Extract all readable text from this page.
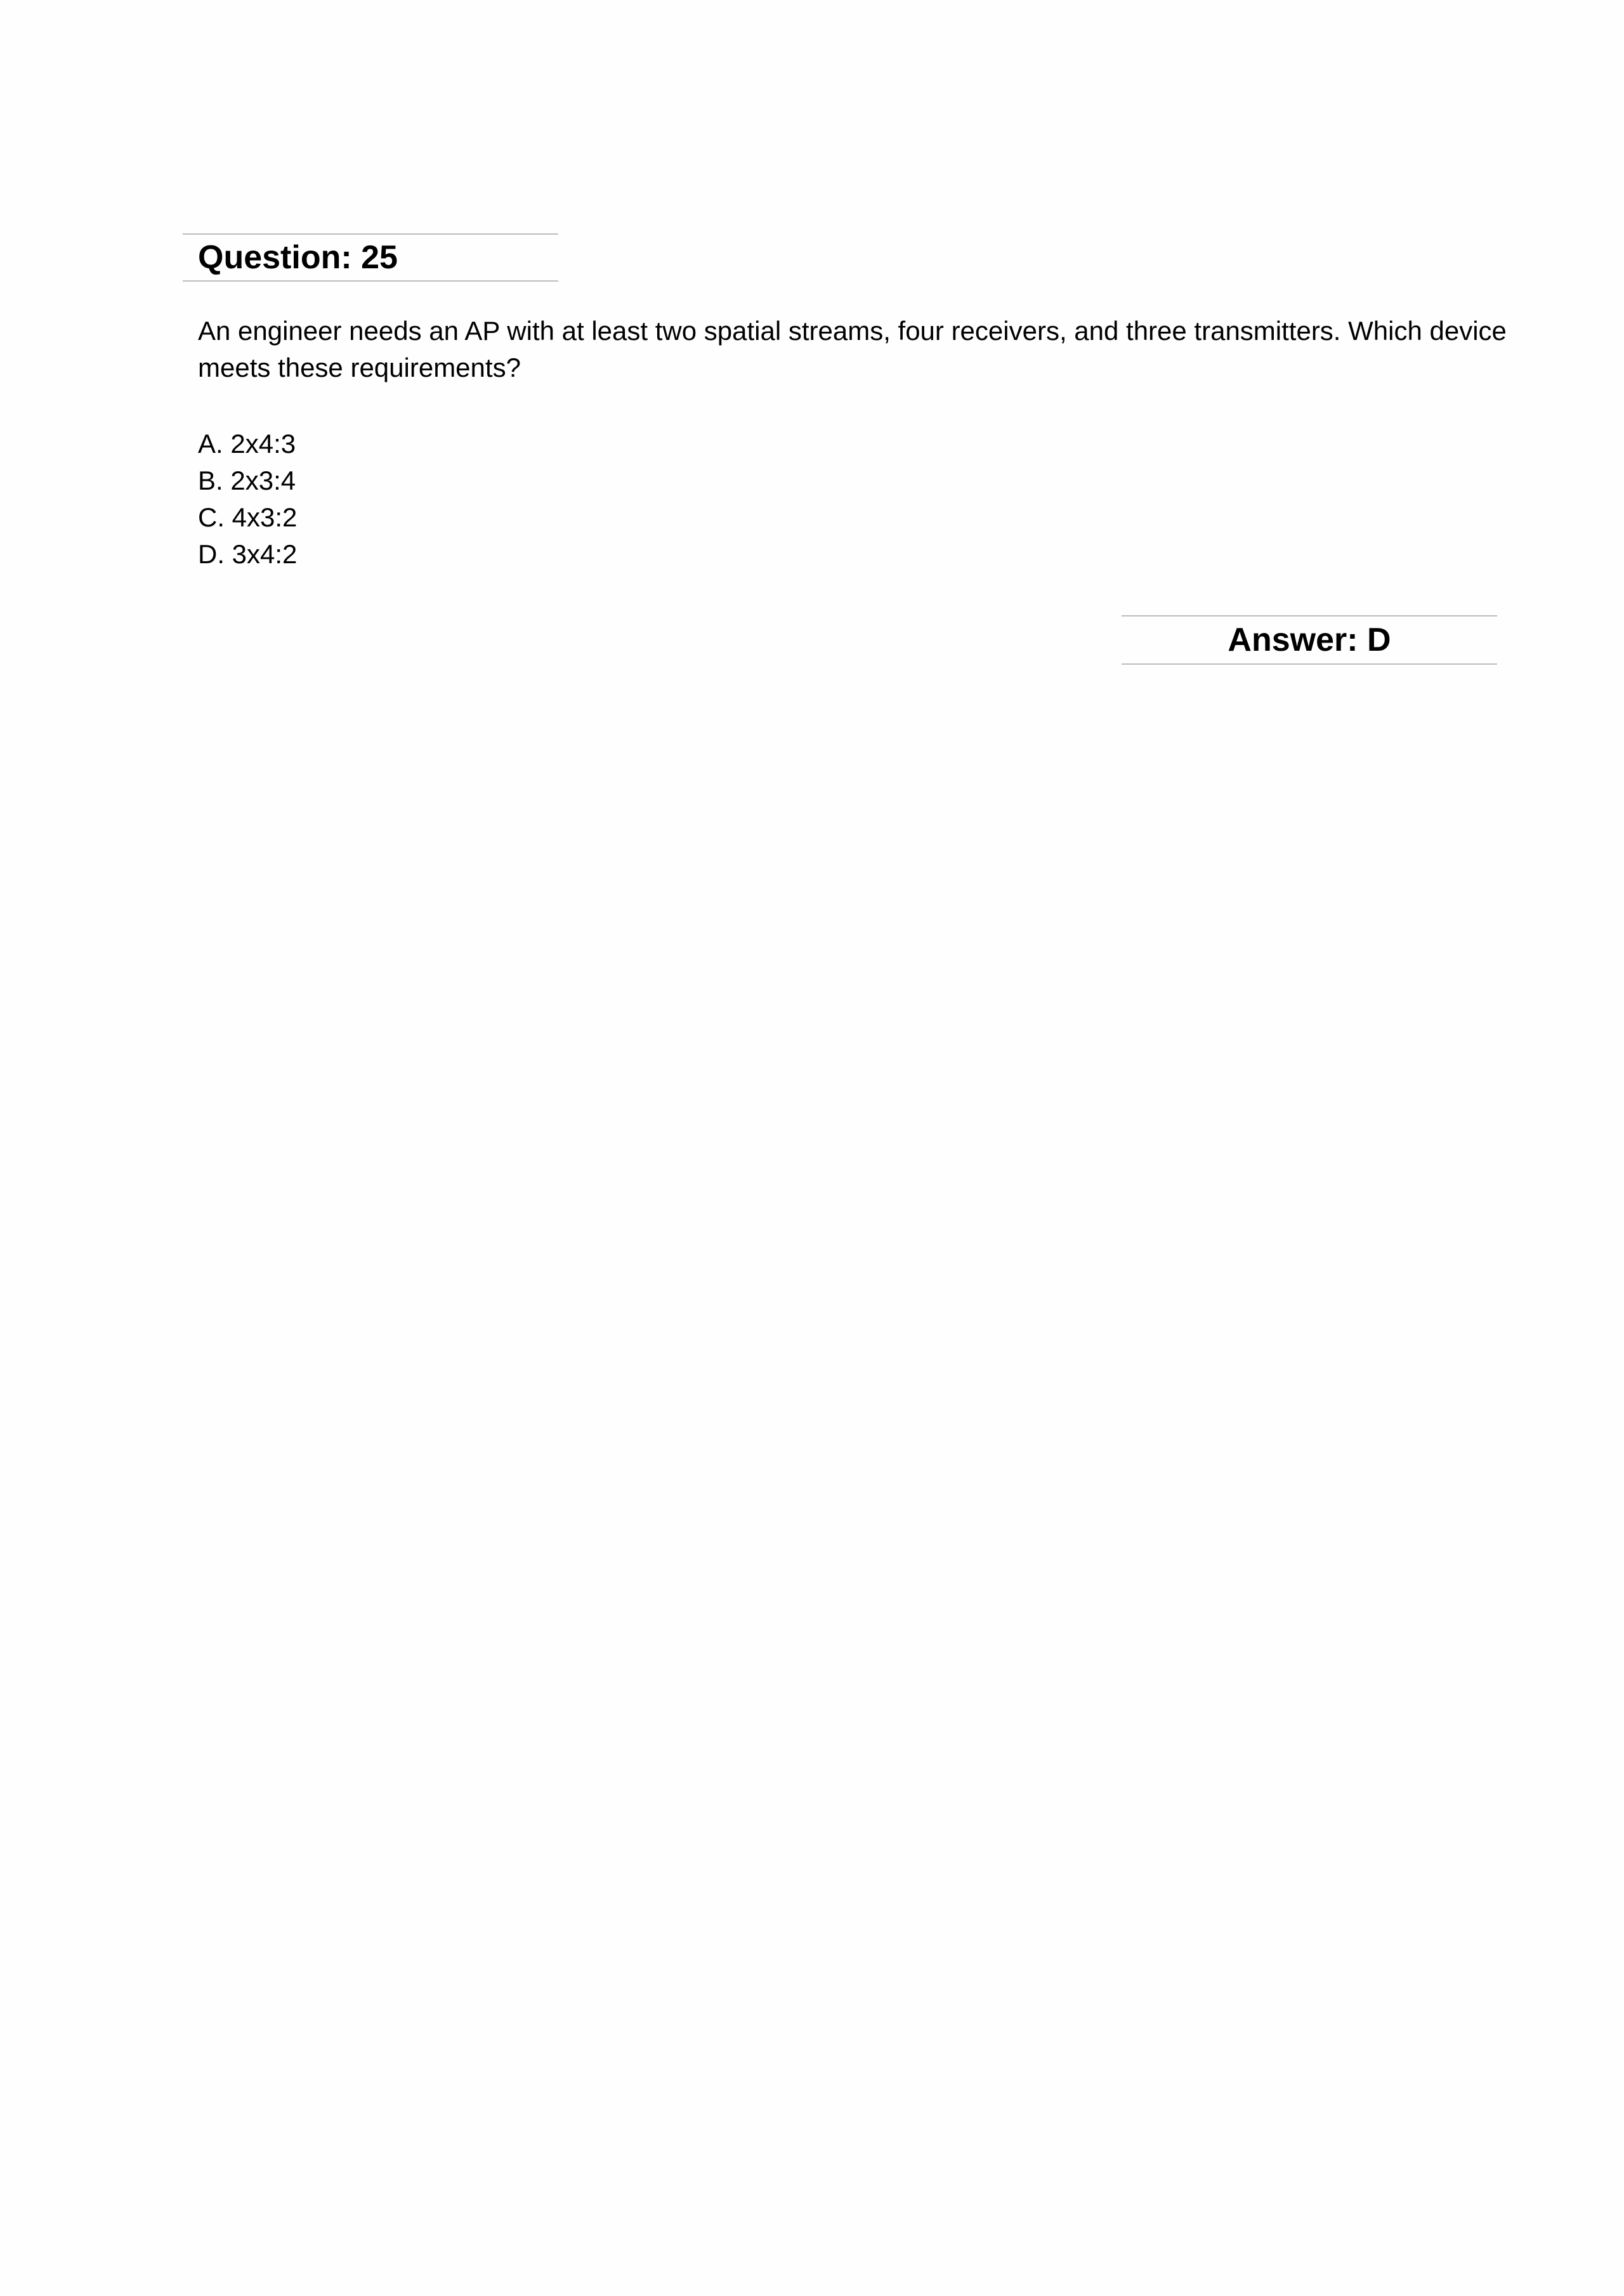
Question: 25
An engineer needs an AP with at least two spatial streams, four receivers, and three transmitters. Which device meets these requirements?
A. 2x4:3
B. 2x3:4
C. 4x3:2
D. 3x4:2
Answer: D
